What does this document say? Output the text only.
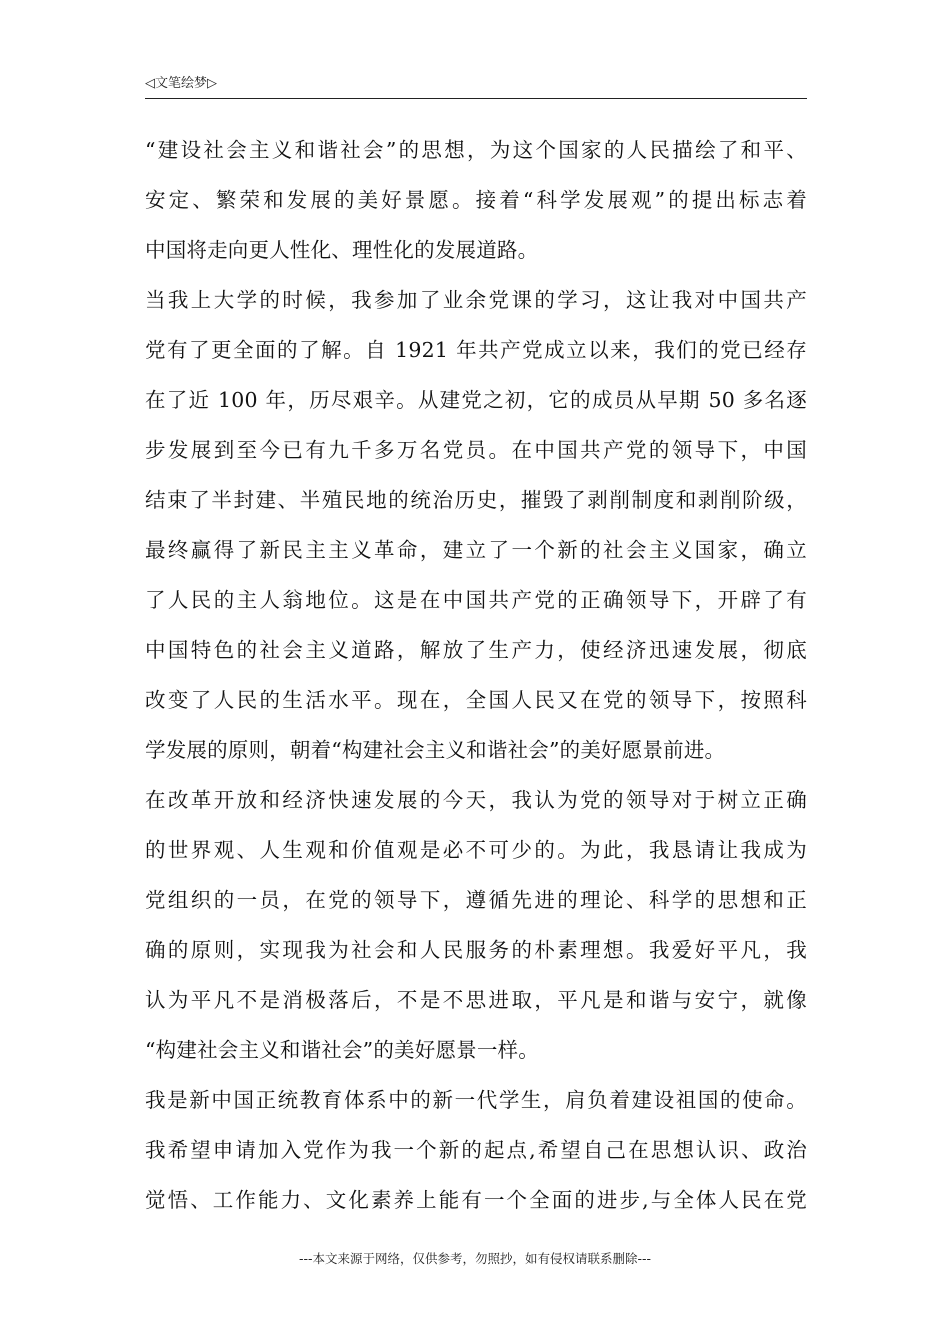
◁文笔绘梦▷
“建设社会主义和谐社会”的思想，为这个国家的人民描绘了和平、
安定、繁荣和发展的美好景愿。接着“科学发展观”的提出标志着
中国将走向更人性化、理性化的发展道路。
当我上大学的时候，我参加了业余党课的学习，这让我对中国共产
党有了更全面的了解。自 1921 年共产党成立以来，我们的党已经存
在了近 100 年，历尽艰辛。从建党之初，它的成员从早期 50 多名逐
步发展到至今已有九千多万名党员。在中国共产党的领导下，中国
结束了半封建、半殖民地的统治历史，摧毁了剥削制度和剥削阶级，
最终赢得了新民主主义革命，建立了一个新的社会主义国家，确立
了人民的主人翁地位。这是在中国共产党的正确领导下，开辟了有
中国特色的社会主义道路，解放了生产力，使经济迅速发展，彻底
改变了人民的生活水平。现在，全国人民又在党的领导下，按照科
学发展的原则，朝着“构建社会主义和谐社会”的美好愿景前进。
在改革开放和经济快速发展的今天，我认为党的领导对于树立正确
的世界观、人生观和价值观是必不可少的。为此，我恳请让我成为
党组织的一员，在党的领导下，遵循先进的理论、科学的思想和正
确的原则，实现我为社会和人民服务的朴素理想。我爱好平凡，我
认为平凡不是消极落后，不是不思进取，平凡是和谐与安宁，就像
“构建社会主义和谐社会”的美好愿景一样。
我是新中国正统教育体系中的新一代学生，肩负着建设祖国的使命。
我希望申请加入党作为我一个新的起点,希望自己在思想认识、政治
觉悟、工作能力、文化素养上能有一个全面的进步,与全体人民在党
---本文来源于网络，仅供参考，勿照抄，如有侵权请联系删除---
